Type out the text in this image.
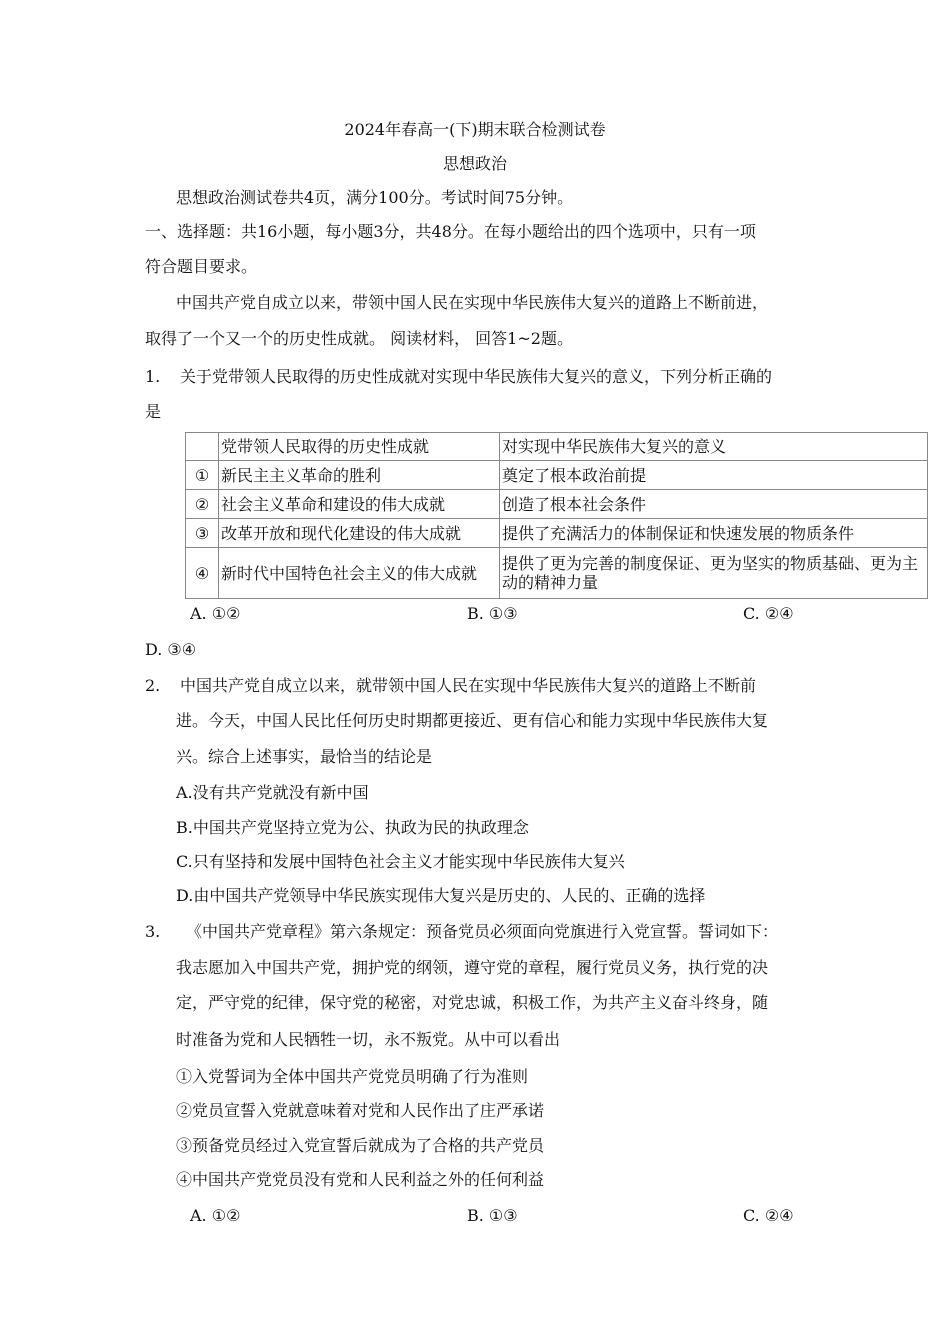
2024年春高一(下)期末联合检测试卷
思想政治
思想政治测试卷共4页，满分100分。考试时间75分钟。
一、选择题：共16小题，每小题3分，共48分。在每小题给出的四个选项中，只有一项
符合题目要求。
中国共产党自成立以来，带领中国人民在实现中华民族伟大复兴的道路上不断前进，
取得了一个又一个的历史性成就。 阅读材料， 回答1~2题。
1. 关于党带领人民取得的历史性成就对实现中华民族伟大复兴的意义，下列分析正确的
是
	党带领人民取得的历史性成就	对实现中华民族伟大复兴的意义
①	新民主主义革命的胜利	奠定了根本政治前提
②	社会主义革命和建设的伟大成就	创造了根本社会条件
③	改革开放和现代化建设的伟大成就	提供了充满活力的体制保证和快速发展的物质条件
④	新时代中国特色社会主义的伟大成就	提供了更为完善的制度保证、更为坚实的物质基础、更为主动的精神力量
A. ①②	B. ①③	C. ②④
D. ③④
2. 中国共产党自成立以来，就带领中国人民在实现中华民族伟大复兴的道路上不断前
进。今天，中国人民比任何历史时期都更接近、更有信心和能力实现中华民族伟大复
兴。综合上述事实，最恰当的结论是
A.没有共产党就没有新中国
B.中国共产党坚持立党为公、执政为民的执政理念
C.只有坚持和发展中国特色社会主义才能实现中华民族伟大复兴
D.由中国共产党领导中华民族实现伟大复兴是历史的、人民的、正确的选择
3. 《中国共产党章程》第六条规定：预备党员必须面向党旗进行入党宣誓。誓词如下：
我志愿加入中国共产党，拥护党的纲领，遵守党的章程，履行党员义务，执行党的决
定，严守党的纪律，保守党的秘密，对党忠诚，积极工作，为共产主义奋斗终身，随
时准备为党和人民牺牲一切，永不叛党。从中可以看出
①入党誓词为全体中国共产党党员明确了行为准则
②党员宣誓入党就意味着对党和人民作出了庄严承诺
③预备党员经过入党宣誓后就成为了合格的共产党员
④中国共产党党员没有党和人民利益之外的任何利益
A. ①②	B. ①③	C. ②④
